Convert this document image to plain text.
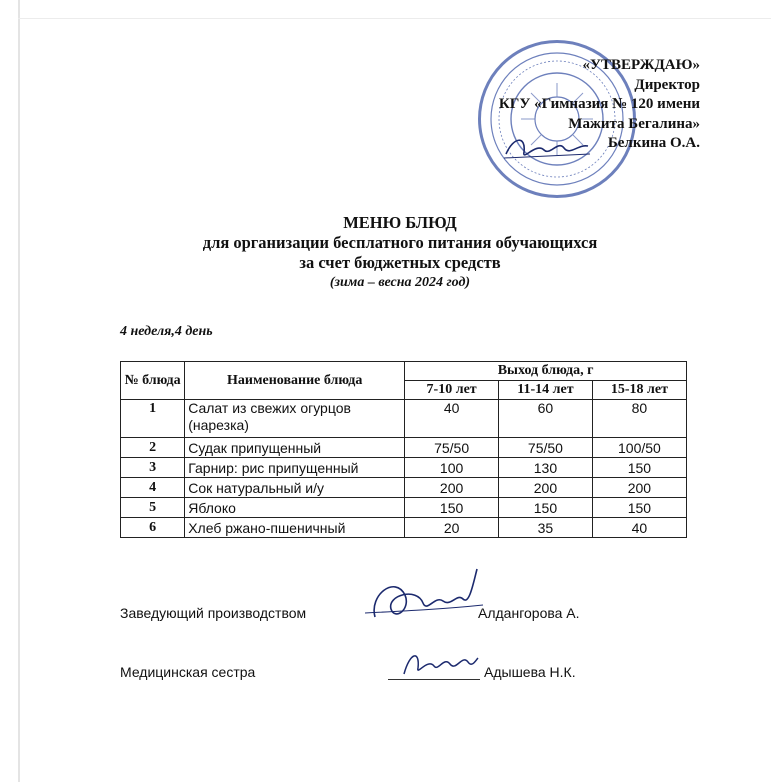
«УТВЕРЖДАЮ»
Директор
КГУ «Гимназия № 120 имени
Мажита Бегалина»
Белкина О.А.
МЕНЮ БЛЮД
для организации бесплатного питания обучающихся
за счет бюджетных средств
(зима – весна 2024 год)
4 неделя,4 день
№ блюда	Наименование блюда	Выход блюда, г		
		7-10 лет	11-14 лет	15-18 лет
1	Салат из свежих огурцов (нарезка)	40	60	80
2	Судак припущенный	75/50	75/50	100/50
3	Гарнир: рис припущенный	100	130	150
4	Сок натуральный и/у	200	200	200
5	Яблоко	150	150	150
6	Хлеб ржано-пшеничный	20	35	40
Заведующий производством	Алдангорова А.
Медицинская сестра	Адышева Н.К.
